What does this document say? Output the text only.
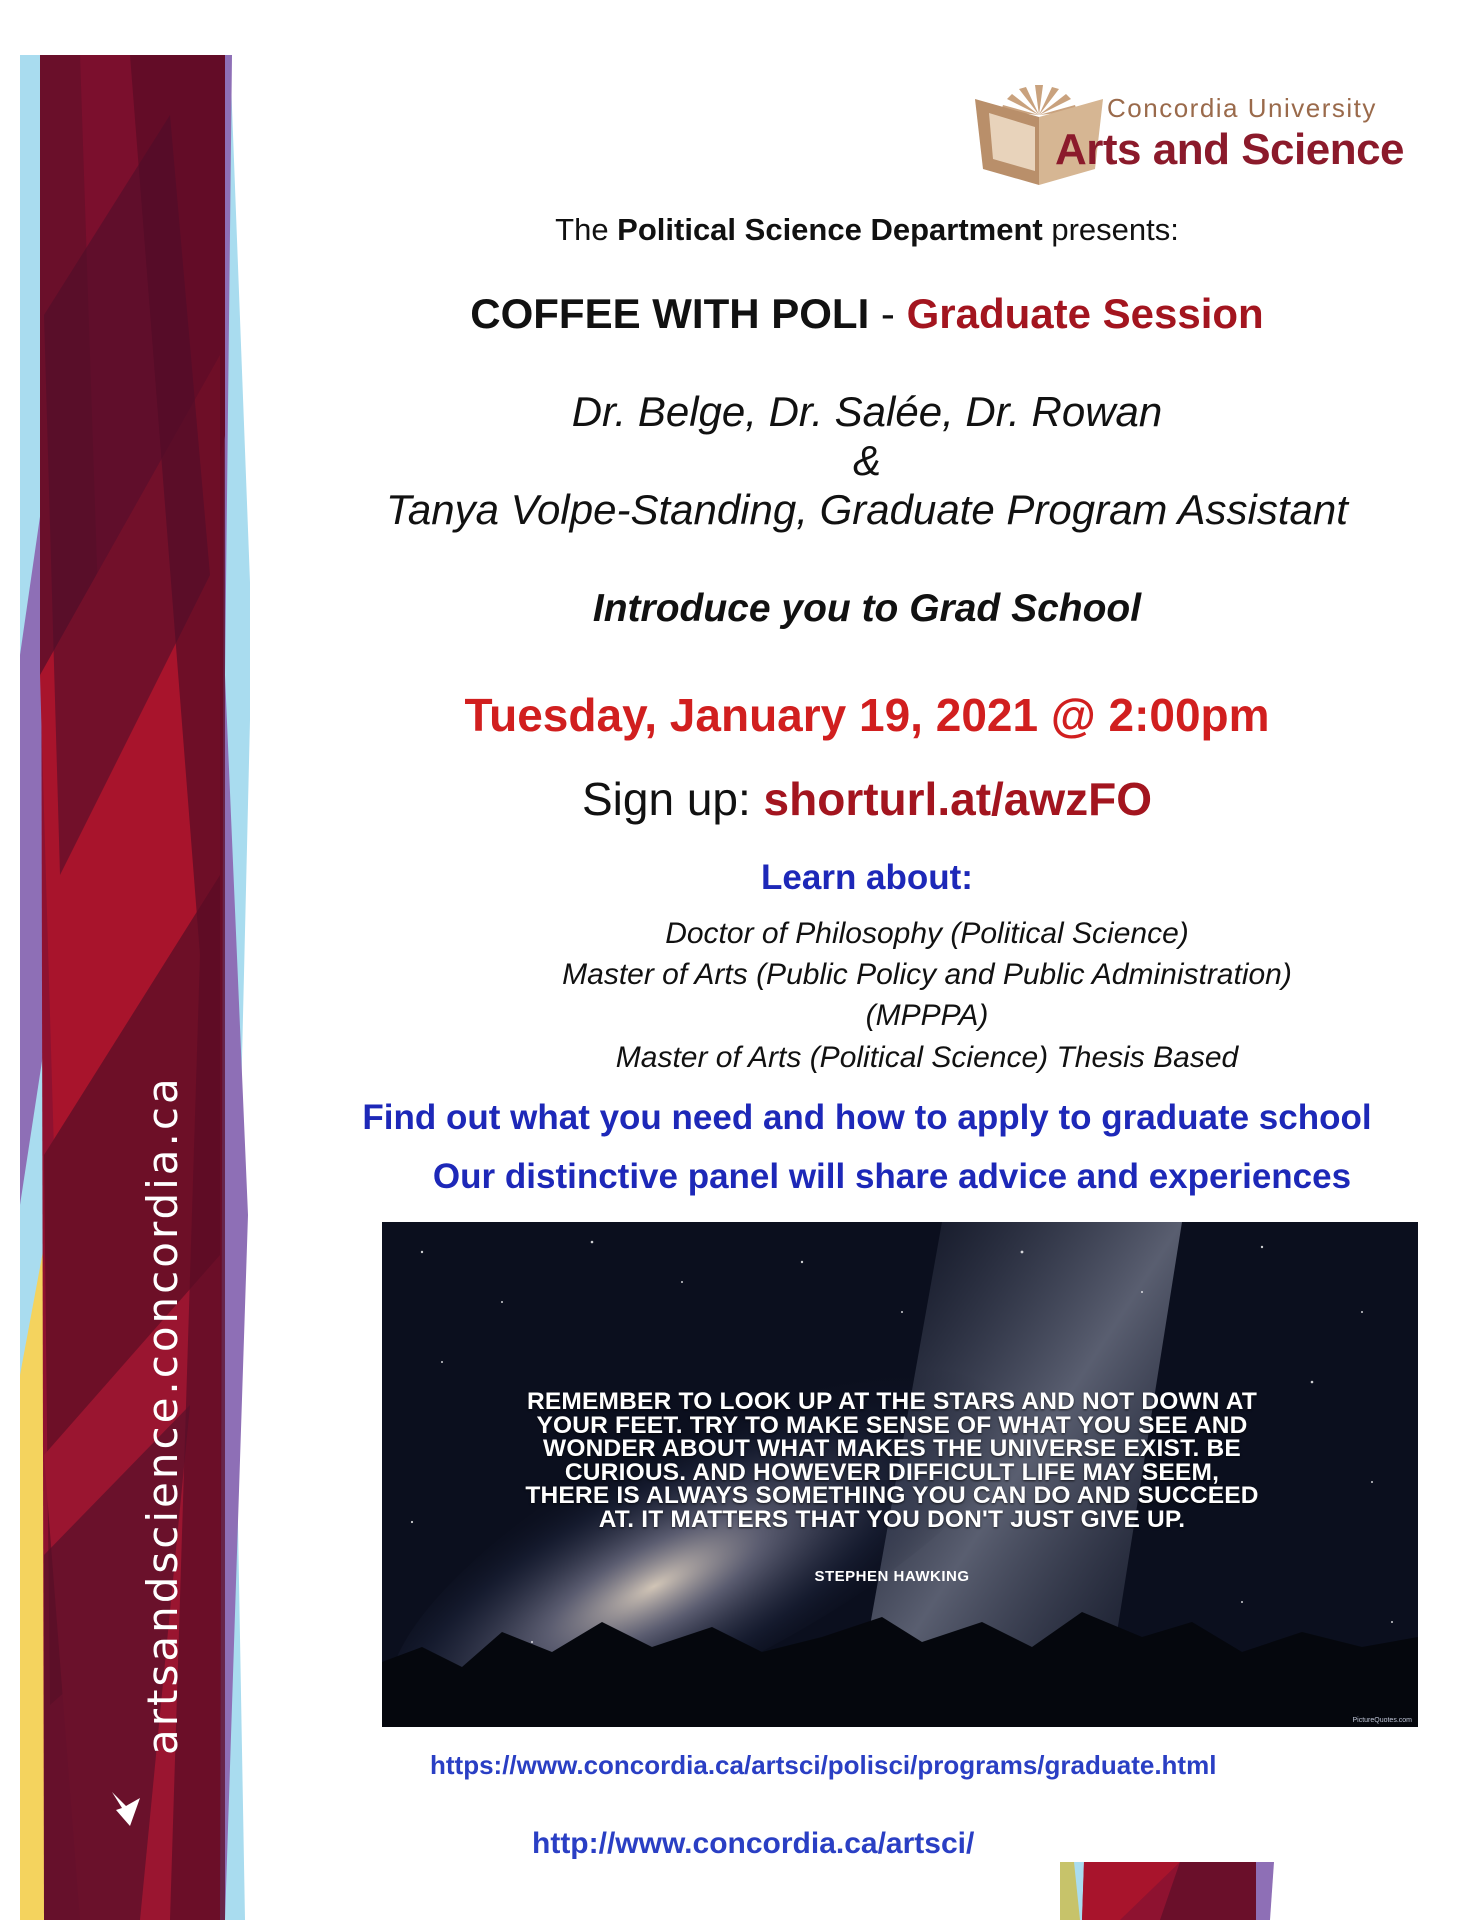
artsandscience.concordia.ca
Concordia University
Arts and Science
The Political Science Department presents:
COFFEE WITH POLI - Graduate Session
Dr. Belge, Dr. Salée, Dr. Rowan
&
Tanya Volpe-Standing, Graduate Program Assistant
Introduce you to Grad School
Tuesday, January 19, 2021 @ 2:00pm
Sign up: shorturl.at/awzFO
Learn about:
Doctor of Philosophy (Political Science)
Master of Arts (Public Policy and Public Administration)
(MPPPA)
Master of Arts (Political Science) Thesis Based
Find out what you need and how to apply to graduate school
Our distinctive panel will share advice and experiences
REMEMBER TO LOOK UP AT THE STARS AND NOT DOWN AT
YOUR FEET. TRY TO MAKE SENSE OF WHAT YOU SEE AND
WONDER ABOUT WHAT MAKES THE UNIVERSE EXIST. BE
CURIOUS. AND HOWEVER DIFFICULT LIFE MAY SEEM,
THERE IS ALWAYS SOMETHING YOU CAN DO AND SUCCEED
AT. IT MATTERS THAT YOU DON'T JUST GIVE UP.
STEPHEN HAWKING
PictureQuotes.com
https://www.concordia.ca/artsci/polisci/programs/graduate.html
http://www.concordia.ca/artsci/
